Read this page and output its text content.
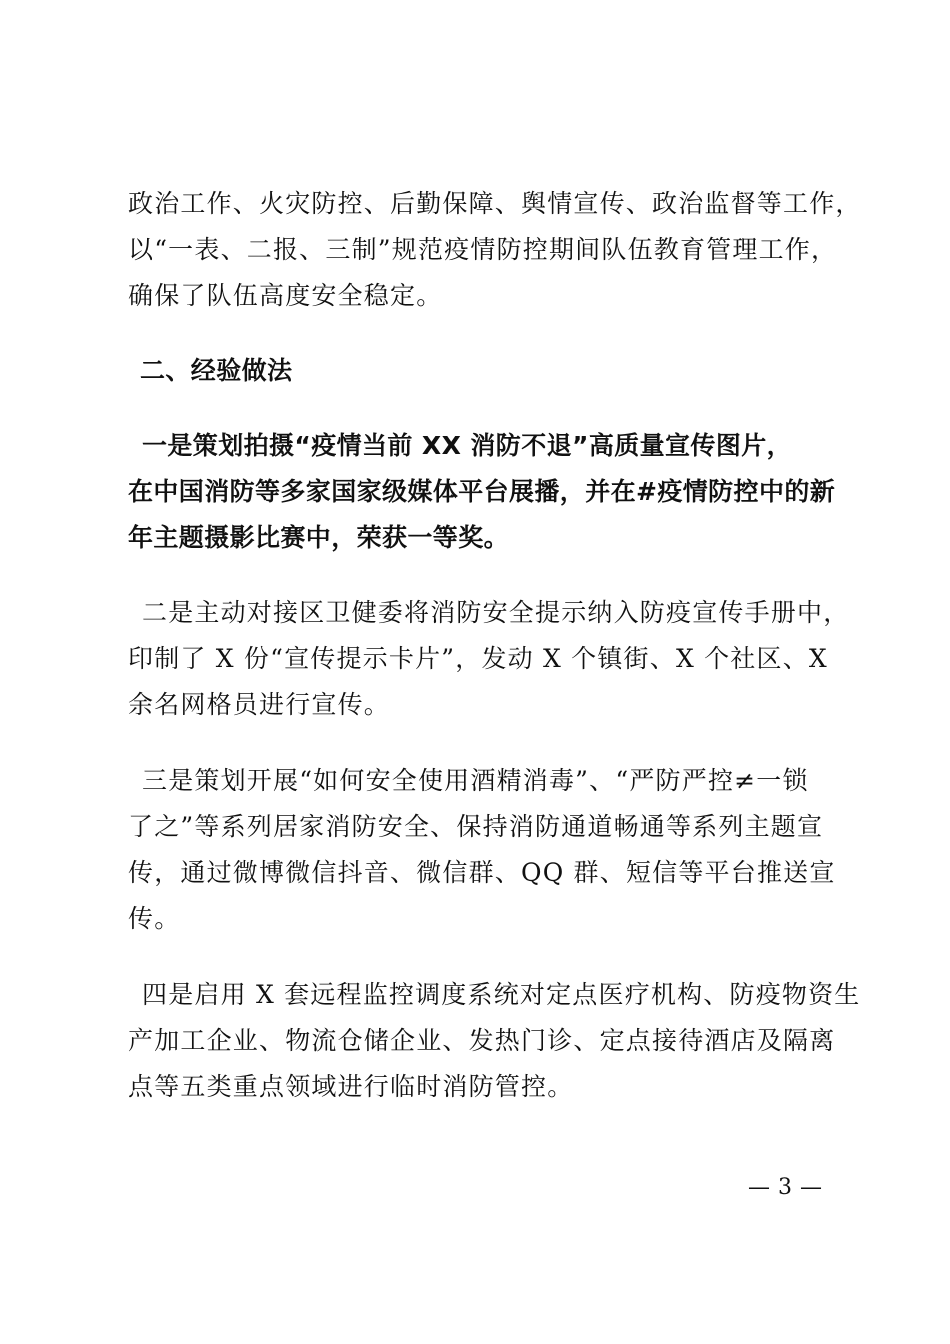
政治工作、火灾防控、后勤保障、舆情宣传、政治监督等工作，
以“一表、二报、三制”规范疫情防控期间队伍教育管理工作，
确保了队伍高度安全稳定。

二、经验做法

一是策划拍摄“疫情当前 XX 消防不退”高质量宣传图片，
在中国消防等多家国家级媒体平台展播，并在#疫情防控中的新
年主题摄影比赛中，荣获一等奖。

二是主动对接区卫健委将消防安全提示纳入防疫宣传手册中，
印制了 X 份“宣传提示卡片”，发动 X 个镇街、X 个社区、X
余名网格员进行宣传。

三是策划开展“如何安全使用酒精消毒”、“严防严控≠一锁
了之”等系列居家消防安全、保持消防通道畅通等系列主题宣
传，通过微博微信抖音、微信群、QQ 群、短信等平台推送宣
传。

四是启用 X 套远程监控调度系统对定点医疗机构、防疫物资生
产加工企业、物流仓储企业、发热门诊、定点接待酒店及隔离
点等五类重点领域进行临时消防管控。

— 3 —
